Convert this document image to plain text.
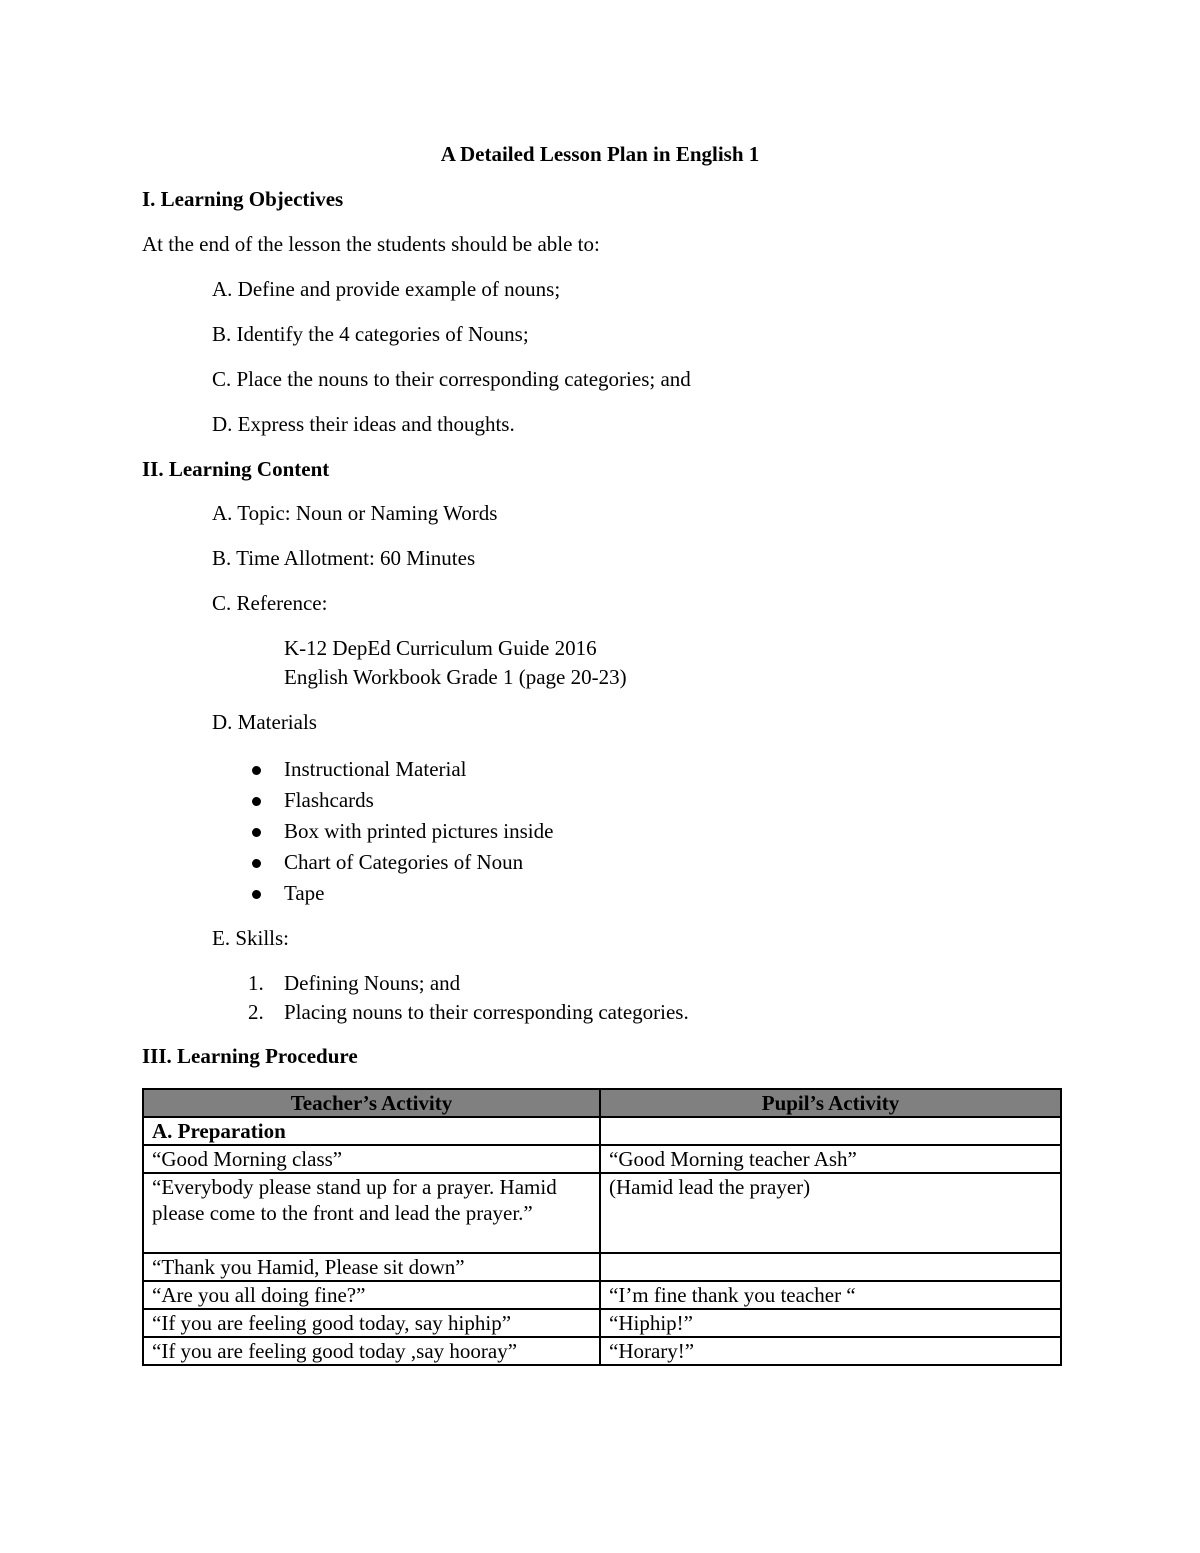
A Detailed Lesson Plan in English 1
I. Learning Objectives
At the end of the lesson the students should be able to:
A. Define and provide example of nouns;
B. Identify the 4 categories of Nouns;
C. Place the nouns to their corresponding categories; and
D. Express their ideas and thoughts.
II. Learning Content
A. Topic: Noun or Naming Words
B. Time Allotment: 60 Minutes
C. Reference:
K-12 DepEd Curriculum Guide 2016
English Workbook Grade 1 (page 20-23)
D. Materials
Instructional Material
Flashcards
Box with printed pictures inside
Chart of Categories of Noun
Tape
E. Skills:
1. Defining Nouns; and
2. Placing nouns to their corresponding categories.
III. Learning Procedure
Teacher’s Activity	Pupil’s Activity
A. Preparation	
“Good Morning class”	“Good Morning teacher Ash”
“Everybody please stand up for a prayer. Hamid please come to the front and lead the prayer.”	(Hamid lead the prayer)
“Thank you Hamid, Please sit down”	
“Are you all doing fine?”	“I’m fine thank you teacher “
“If you are feeling good today, say hiphip”	“Hiphip!”
“If you are feeling good today ,say hooray”	“Horary!”
